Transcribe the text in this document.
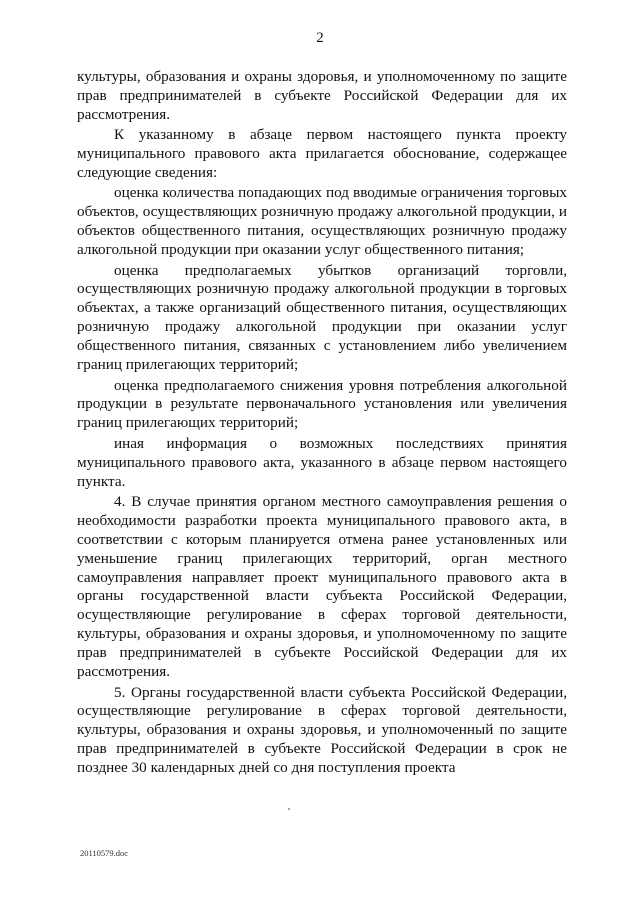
2

культуры, образования и охраны здоровья, и уполномоченному по защите прав предпринимателей в субъекте Российской Федерации для их рассмотрения.

К указанному в абзаце первом настоящего пункта проекту муниципального правового акта прилагается обоснование, содержащее следующие сведения:

оценка количества попадающих под вводимые ограничения торговых объектов, осуществляющих розничную продажу алкогольной продукции, и объектов общественного питания, осуществляющих розничную продажу алкогольной продукции при оказании услуг общественного питания;

оценка предполагаемых убытков организаций торговли, осуществляющих розничную продажу алкогольной продукции в торговых объектах, а также организаций общественного питания, осуществляющих розничную продажу алкогольной продукции при оказании услуг общественного питания, связанных с установлением либо увеличением границ прилегающих территорий;

оценка предполагаемого снижения уровня потребления алкогольной продукции в результате первоначального установления или увеличения границ прилегающих территорий;

иная информация о возможных последствиях принятия муниципального правового акта, указанного в абзаце первом настоящего пункта.

4. В случае принятия органом местного самоуправления решения о необходимости разработки проекта муниципального правового акта, в соответствии с которым планируется отмена ранее установленных или уменьшение границ прилегающих территорий, орган местного самоуправления направляет проект муниципального правового акта в органы государственной власти субъекта Российской Федерации, осуществляющие регулирование в сферах торговой деятельности, культуры, образования и охраны здоровья, и уполномоченному по защите прав предпринимателей в субъекте Российской Федерации для их рассмотрения.

5. Органы государственной власти субъекта Российской Федерации, осуществляющие регулирование в сферах торговой деятельности, культуры, образования и охраны здоровья, и уполномоченный по защите прав предпринимателей в субъекте Российской Федерации в срок не позднее 30 календарных дней со дня поступления проекта

20110579.doc
